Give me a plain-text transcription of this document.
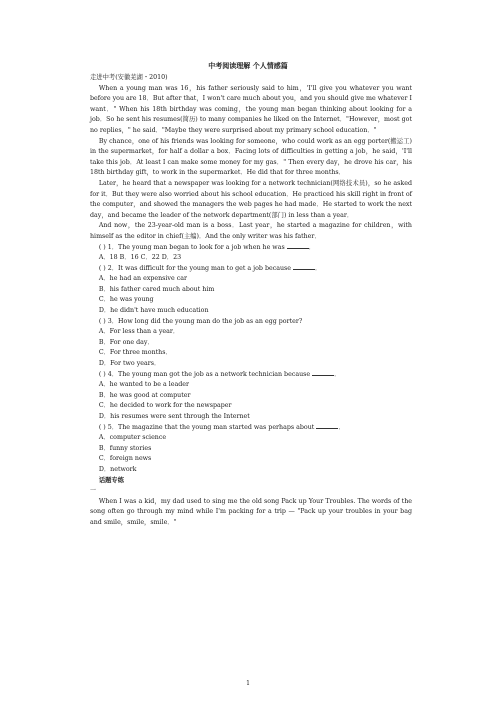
中考阅读理解 个人情感篇

走进中考(安徽芜湖・2010)

When a young man was 16，his father seriously said to him，'I'll give you whatever you want before you are 18．But after that，I won't care much about you，and you should give me whatever I want．" When his 18th birthday was coming，the young man began thinking about looking for a job．So he sent his resumes(简历) to many companies he liked on the Internet．"However，most got no replies，" he said．"Maybe they were surprised about my primary school education．"

By chance，one of his friends was looking for someone，who could work as an egg porter(搬运工) in the supermarket，for half a dollar a box．Facing lots of difficulties in getting a job，he said，'I'll take this job．At least I can make some money for my gas．" Then every day，he drove his car，his 18th birthday gift，to work in the supermarket．He did that for three months．

Later，he heard that a newspaper was looking for a network technician(网络技术员)，so he asked for it．But they were also worried about his school education．He practiced his skill right in front of the computer，and showed the managers the web pages he had made．He started to work the next day，and became the leader of the network department(部门) in less than a year．

And now，the 23-year-old man is a boss．Last year，he started a magazine for children，with himself as the editor in chief(主编)．And the only writer was his father．

( ) 1．The young man began to look for a job when he was	．

A．18 B．16 C．22 D．23

( ) 2．It was difficult for the young man to get a job because	．

A．he had an expensive car

B．his father cared much about him

C．he was young

D．he didn't have much education

( ) 3．How long did the young man do the job as an egg porter?

A．For less than a year．

B．For one day．

C．For three months．

D．For two years．

( ) 4．The young man got the job as a network technician because	．

A．he wanted to be a leader

B．he was good at computer

C．he decided to work for the newspaper

D．his resumes were sent through the Internet

( ) 5．The magazine that the young man started was perhaps about	．

A．computer science

B．funny stories

C．foreign news

D．network

话题专练

一

When I was a kid，my dad used to sing me the old song Pack up Your Troubles. The words of the song often go through my mind while I'm packing for a trip — "Pack up your troubles in your bag and smile，smile，smile．"

1
